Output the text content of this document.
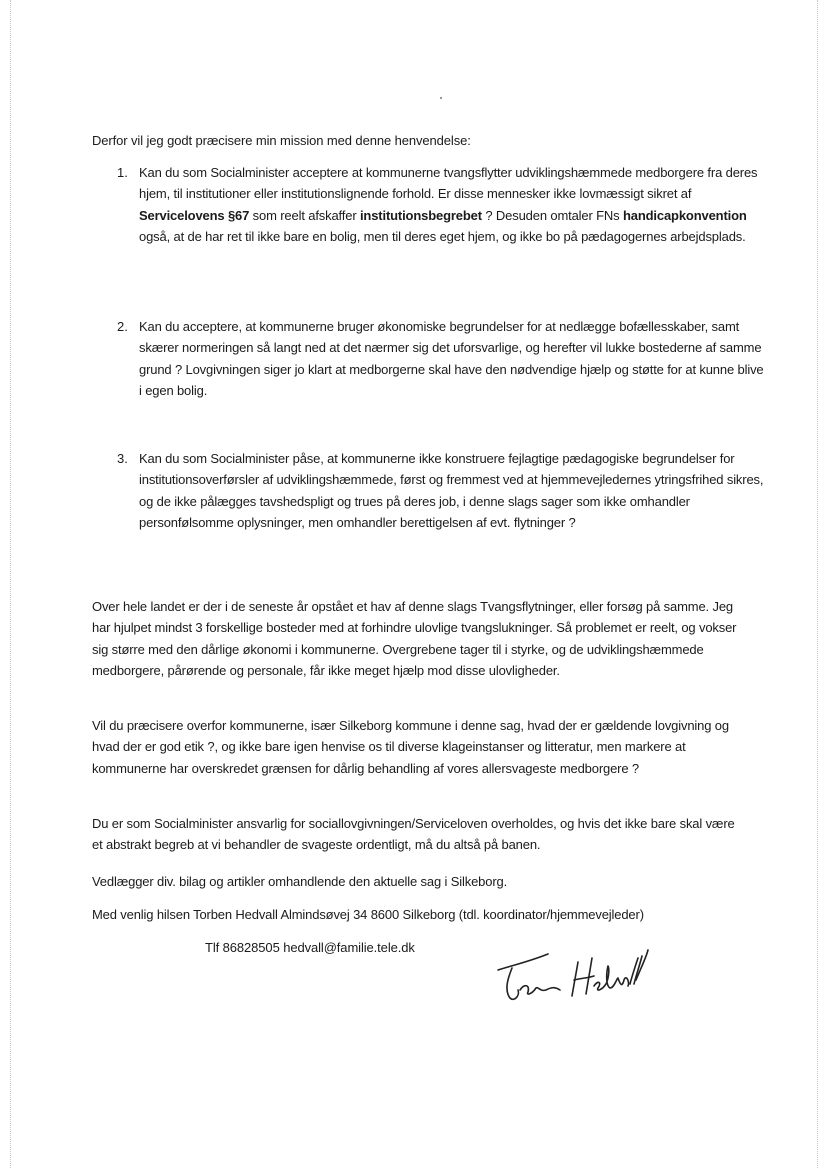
Derfor vil jeg godt præcisere min mission med denne henvendelse:
1. Kan du som Socialminister acceptere at kommunerne tvangsflytter udviklingshæmmede medborgere fra deres hjem, til institutioner eller institutionslignende forhold. Er disse mennesker ikke lovmæssigt sikret af Servicelovens §67 som reelt afskaffer institutionsbegrebet ? Desuden omtaler FNs handicapkonvention også, at de har ret til ikke bare en bolig, men til deres eget hjem, og ikke bo på pædagogernes arbejdsplads.
2. Kan du acceptere, at kommunerne bruger økonomiske begrundelser for at nedlægge bofællesskaber, samt skærer normeringen så langt ned at det nærmer sig det uforsvarlige, og herefter vil lukke bostederne af samme grund ? Lovgivningen siger jo klart at medborgerne skal have den nødvendige hjælp og støtte for at kunne blive i egen bolig.
3. Kan du som Socialminister påse, at kommunerne ikke konstruere fejlagtige pædagogiske begrundelser for institutionsoverførsler af udviklingshæmmede, først og fremmest ved at hjemmevejledernes ytringsfrihed sikres, og de ikke pålægges tavshedspligt og trues på deres job, i denne slags sager som ikke omhandler personfølsomme oplysninger, men omhandler berettigelsen af evt. flytninger ?
Over hele landet er der i de seneste år opstået et hav af denne slags Tvangsflytninger, eller forsøg på samme. Jeg har hjulpet mindst 3 forskellige bosteder med at forhindre ulovlige tvangslukninger. Så problemet er reelt, og vokser sig større med den dårlige økonomi i kommunerne. Overgrebene tager til i styrke, og de udviklingshæmmede medborgere, pårørende og personale, får ikke meget hjælp mod disse ulovligheder.
Vil du præcisere overfor kommunerne, især Silkeborg kommune i denne sag, hvad der er gældende lovgivning og hvad der er god etik ?, og ikke bare igen henvise os til diverse klageinstanser og litteratur, men markere at kommunerne har overskredet grænsen for dårlig behandling af vores allersvageste medborgere ?
Du er som Socialminister ansvarlig for sociallovgivningen/Serviceloven overholdes, og hvis det ikke bare skal være et abstrakt begreb at vi behandler de svageste ordentligt, må du altså på banen.
Vedlægger div. bilag og artikler omhandlende den aktuelle sag i Silkeborg.
Med venlig hilsen Torben Hedvall Almindsøvej 34 8600 Silkeborg (tdl. koordinator/hjemmevejleder)
Tlf 86828505 hedvall@familie.tele.dk
